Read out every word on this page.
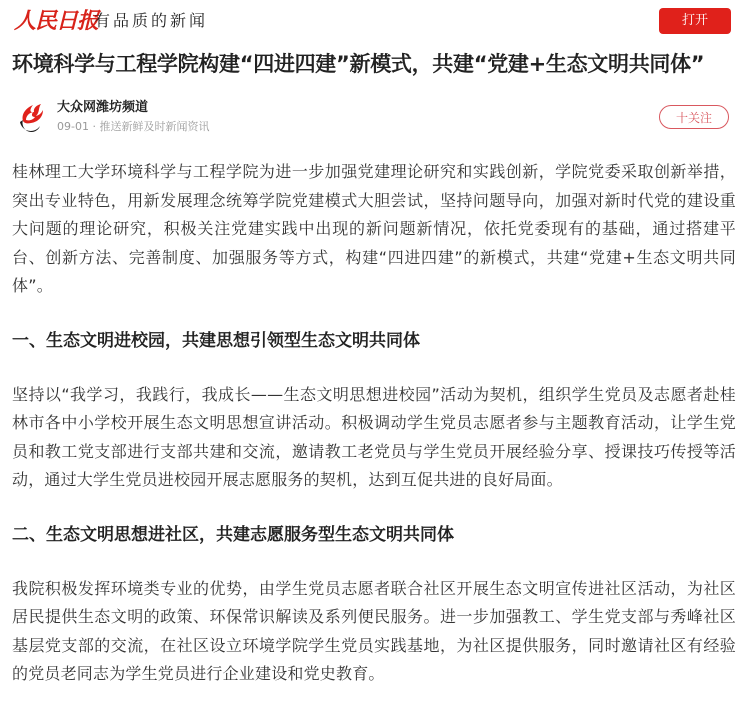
人民日报
有品质的新闻	打开
环境科学与工程学院构建“四进四建”新模式，共建“党建+生态文明共同体”
大众网潍坊频道
09-01 · 推送新鲜及时新闻资讯
十关注

桂林理工大学环境科学与工程学院为进一步加强党建理论研究和实践创新，学院党委采取创新举措，突出专业特色，用新发展理念统筹学院党建模式大胆尝试，坚持问题导向，加强对新时代党的建设重大问题的理论研究，积极关注党建实践中出现的新问题新情况，依托党委现有的基础，通过搭建平台、创新方法、完善制度、加强服务等方式，构建“四进四建”的新模式，共建“党建+生态文明共同体”。

一、生态文明进校园，共建思想引领型生态文明共同体

坚持以“我学习，我践行，我成长——生态文明思想进校园”活动为契机，组织学生党员及志愿者赴桂林市各中小学校开展生态文明思想宣讲活动。积极调动学生党员志愿者参与主题教育活动，让学生党员和教工党支部进行支部共建和交流，邀请教工老党员与学生党员开展经验分享、授课技巧传授等活动，通过大学生党员进校园开展志愿服务的契机，达到互促共进的良好局面。

二、生态文明思想进社区，共建志愿服务型生态文明共同体

我院积极发挥环境类专业的优势，由学生党员志愿者联合社区开展生态文明宣传进社区活动，为社区居民提供生态文明的政策、环保常识解读及系列便民服务。进一步加强教工、学生党支部与秀峰社区基层党支部的交流，在社区设立环境学院学生党员实践基地，为社区提供服务，同时邀请社区有经验的党员老同志为学生党员进行企业建设和党史教育。
